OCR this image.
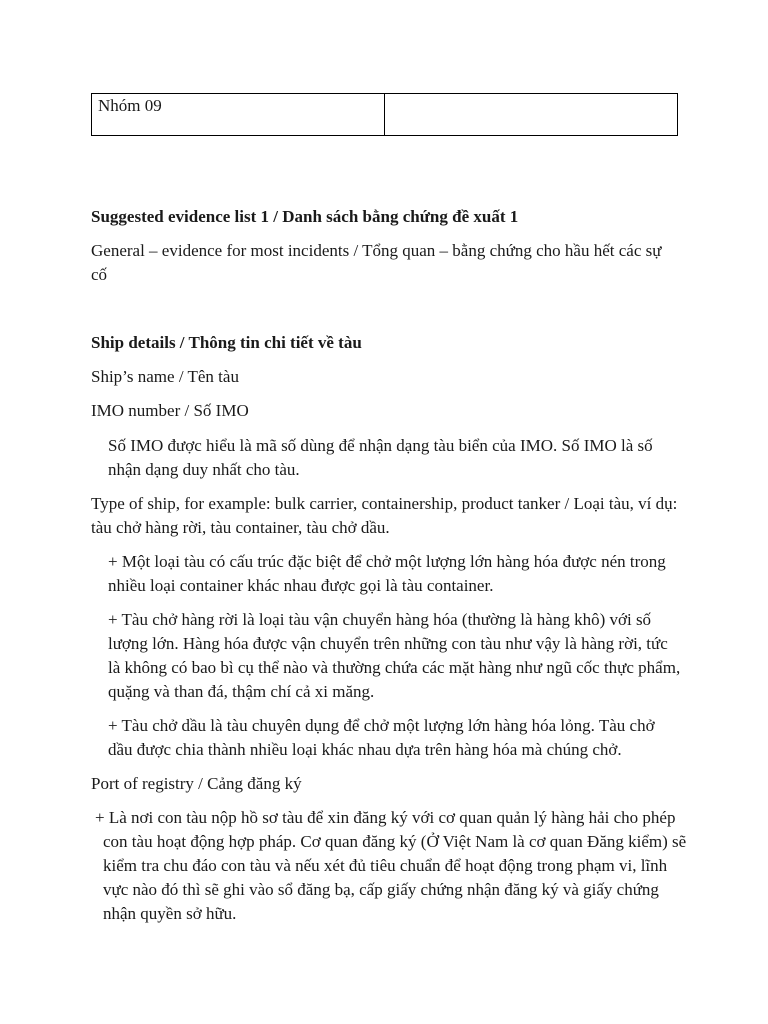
Nhóm 09	
Suggested evidence list 1 / Danh sách bằng chứng đề xuất 1
General – evidence for most incidents / Tổng quan – bằng chứng cho hầu hết các sự cố
Ship details / Thông tin chi tiết về tàu
Ship’s name / Tên tàu
IMO number / Số IMO
Số IMO được hiểu là mã số dùng để nhận dạng tàu biển của IMO. Số IMO là số nhận dạng duy nhất cho tàu.
Type of ship, for example: bulk carrier, containership, product tanker / Loại tàu, ví dụ: tàu chở hàng rời, tàu container, tàu chở dầu.
+ Một loại tàu có cấu trúc đặc biệt để chở một lượng lớn hàng hóa được nén trong nhiều loại container khác nhau được gọi là tàu container.
+ Tàu chở hàng rời là loại tàu vận chuyển hàng hóa (thường là hàng khô) với số lượng lớn. Hàng hóa được vận chuyển trên những con tàu như vậy là hàng rời, tức là không có bao bì cụ thể nào và thường chứa các mặt hàng như ngũ cốc thực phẩm, quặng và than đá, thậm chí cả xi măng.
+ Tàu chở dầu là tàu chuyên dụng để chở một lượng lớn hàng hóa lỏng. Tàu chở dầu được chia thành nhiều loại khác nhau dựa trên hàng hóa mà chúng chở.
Port of registry / Cảng đăng ký
+ Là nơi con tàu nộp hồ sơ tàu để xin đăng ký với cơ quan quản lý hàng hải cho phép con tàu hoạt động hợp pháp. Cơ quan đăng ký (Ở Việt Nam là cơ quan Đăng kiểm) sẽ kiểm tra chu đáo con tàu và nếu xét đủ tiêu chuẩn để hoạt động trong phạm vi, lĩnh vực nào đó thì sẽ ghi vào sổ đăng bạ, cấp giấy chứng nhận đăng ký và giấy chứng nhận quyền sở hữu.
